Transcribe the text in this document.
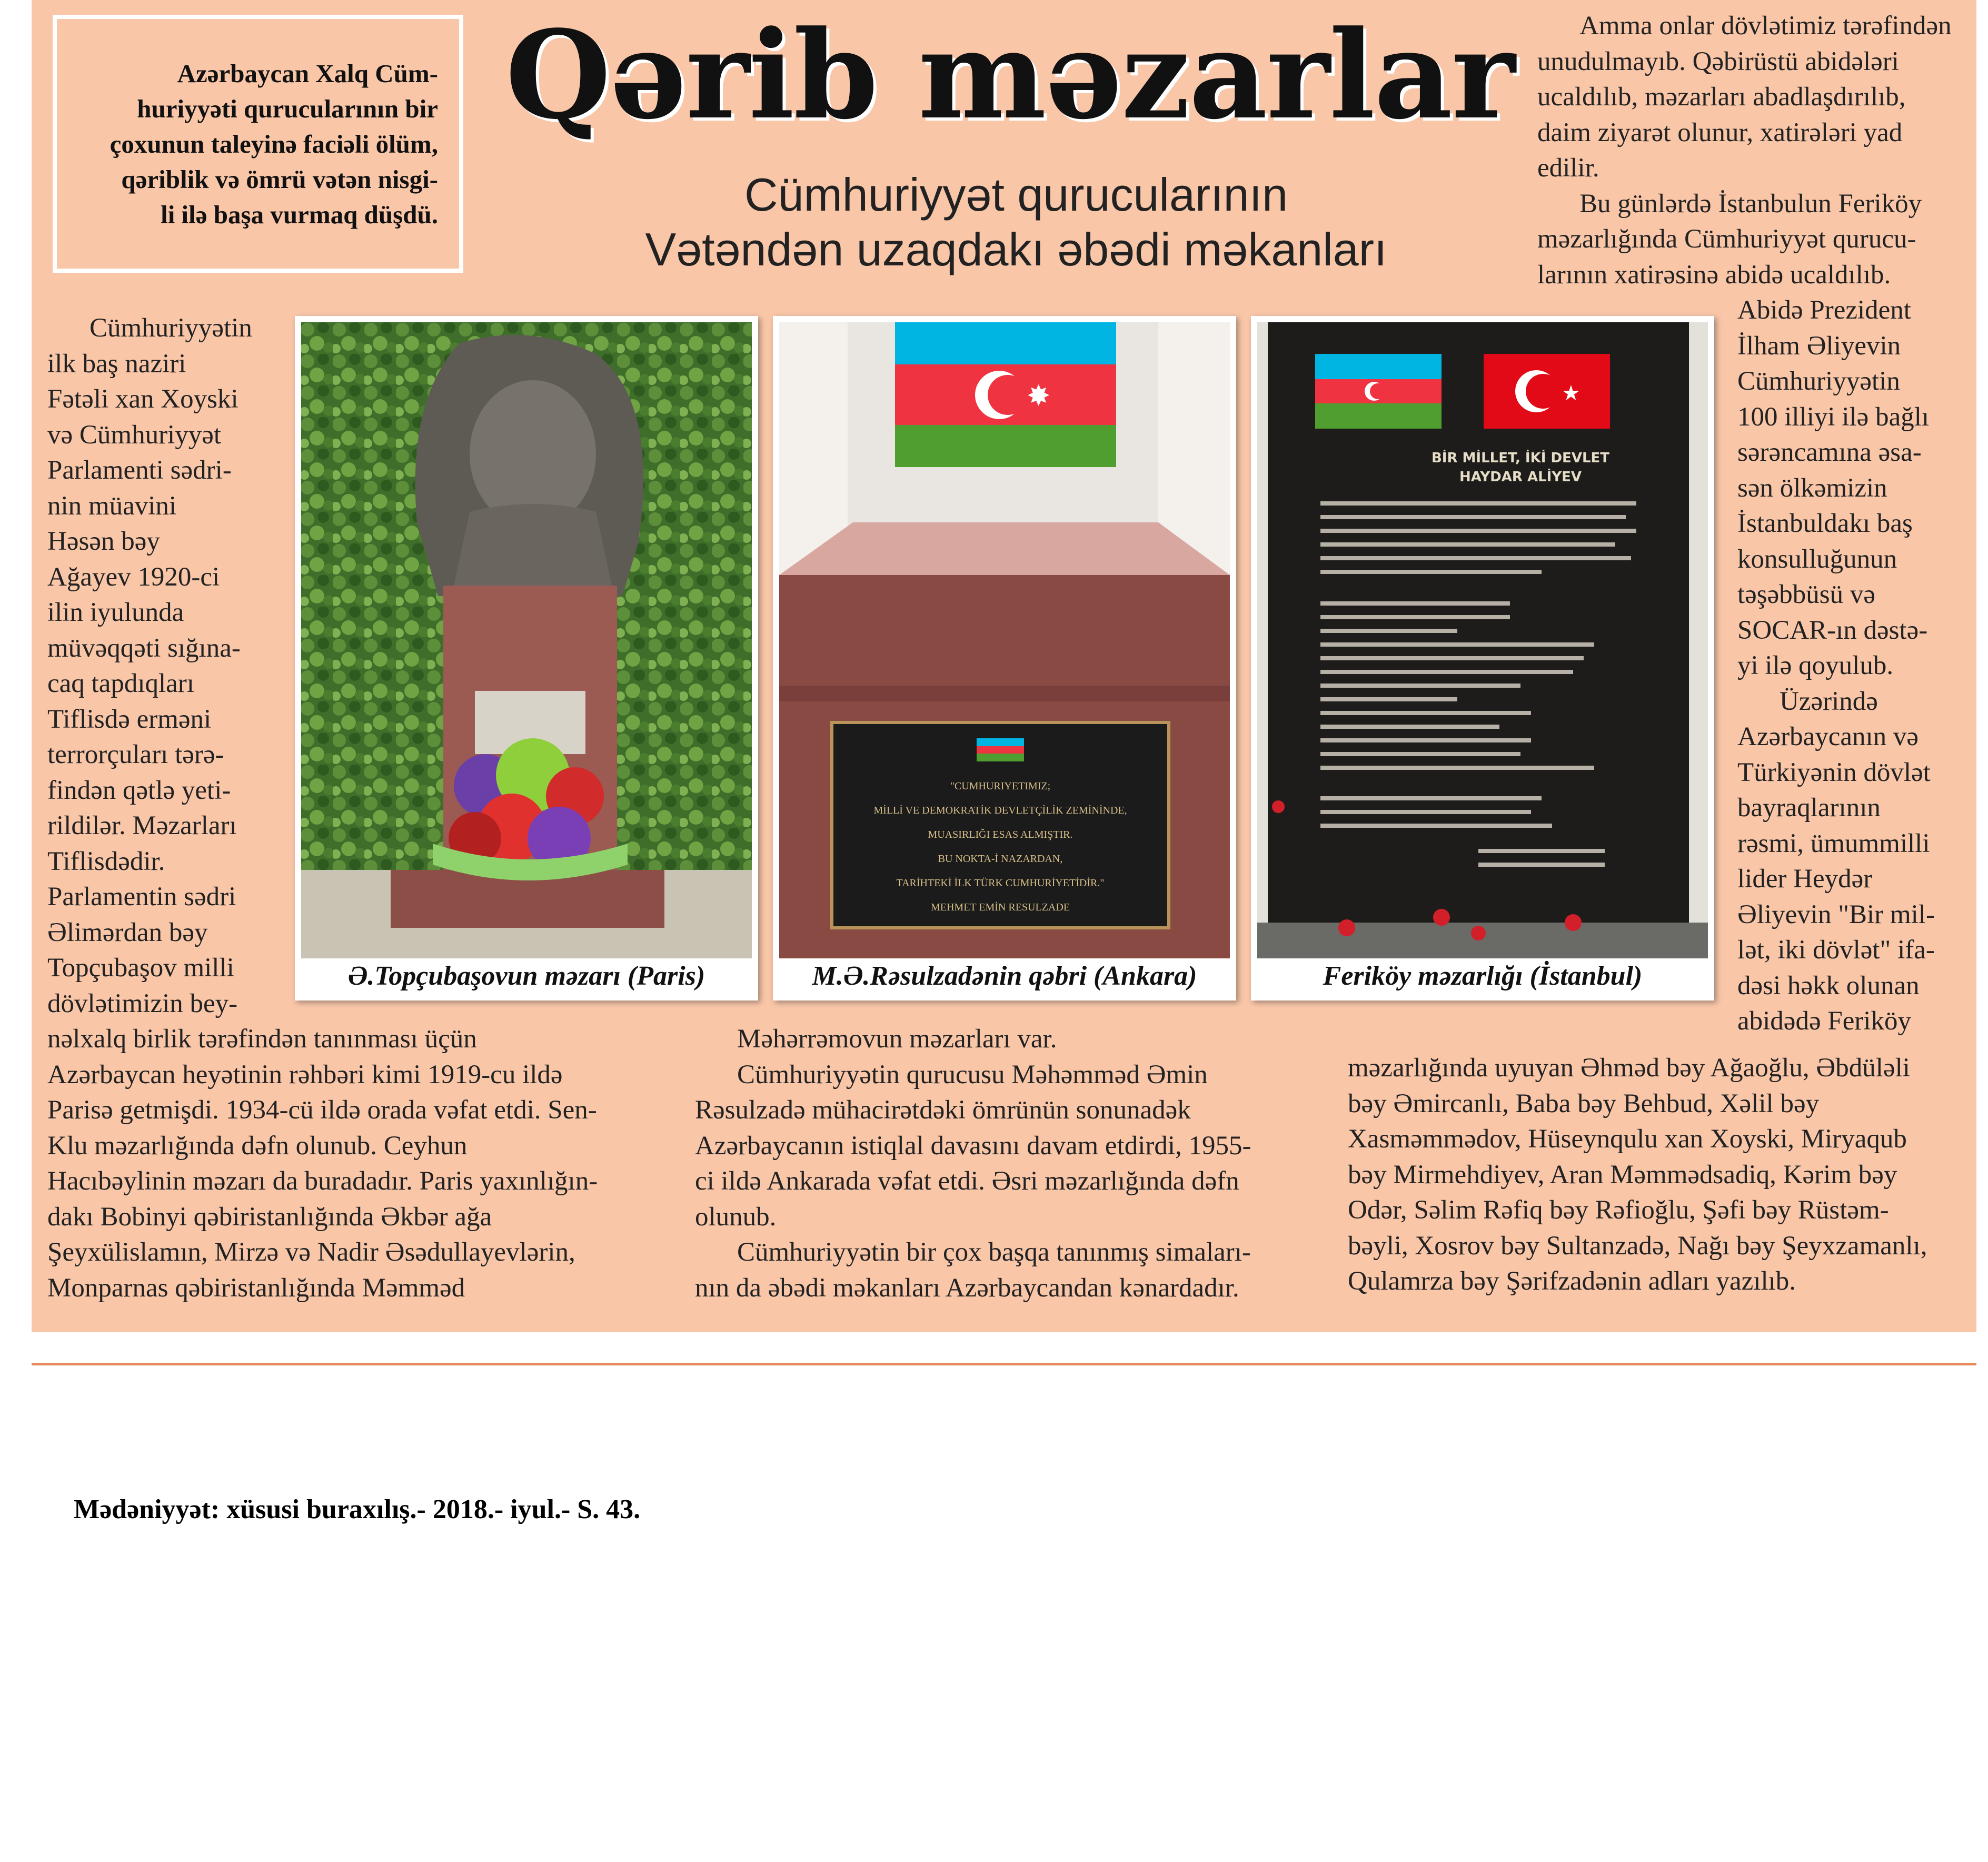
Azərbaycan Xalq Cüm-

huriyyəti qurucularının bir

çoxunun taleyinə faciəli ölüm,

qəriblik və ömrü vətən nisgi-

li ilə başa vurmaq düşdü.

Qərib məzarlar
Cümhuriyyət qurucularının
Vətəndən uzaqdakı əbədi məkanları

Amma onlar dövlətimiz tərəfindən

unudulmayıb. Qəbirüstü abidələri

ucaldılıb, məzarları abadlaşdırılıb,

daim ziyarət olunur, xatirələri yad

edilir.

Bu günlərdə İstanbulun Feriköy

məzarlığında Cümhuriyyət qurucu-

larının xatirəsinə abidə ucaldılıb.

Cümhuriyyətin

ilk baş naziri

Fətəli xan Xoyski

və Cümhuriyyət

Parlamenti sədri-

nin müavini

Həsən bəy

Ağayev 1920-ci

ilin iyulunda

müvəqqəti sığına-

caq tapdıqları

Tiflisdə erməni

terrorçuları tərə-

findən qətlə yeti-

rildilər. Məzarları

Tiflisdədir.

Parlamentin sədri

Əlimərdan bəy

Topçubaşov milli

dövlətimizin bey-

nəlxalq birlik tərəfindən tanınması üçün

Azərbaycan heyətinin rəhbəri kimi 1919-cu ildə

Parisə getmişdi. 1934-cü ildə orada vəfat etdi. Sen-

Klu məzarlığında dəfn olunub. Ceyhun

Hacıbəylinin məzarı da buradadır. Paris yaxınlığın-

dakı Bobinyi qəbiristanlığında Əkbər ağa

Şeyxülislamın, Mirzə və Nadir Əsədullayevlərin,

Monparnas qəbiristanlığında Məmməd

Məhərrəmovun məzarları var.

Cümhuriyyətin qurucusu Məhəmməd Əmin

Rəsulzadə mühacirətdəki ömrünün sonunadək

Azərbaycanın istiqlal davasını davam etdirdi, 1955-

ci ildə Ankarada vəfat etdi. Əsri məzarlığında dəfn

olunub.

Cümhuriyyətin bir çox başqa tanınmış simaları-

nın da əbədi məkanları Azərbaycandan kənardadır.

Abidə Prezident

İlham Əliyevin

Cümhuriyyətin

100 illiyi ilə bağlı

sərəncamına əsa-

sən ölkəmizin

İstanbuldakı baş

konsulluğunun

təşəbbüsü və

SOCAR-ın dəstə-

yi ilə qoyulub.

Üzərində

Azərbaycanın və

Türkiyənin dövlət

bayraqlarının

rəsmi, ümummilli

lider Heydər

Əliyevin "Bir mil-

lət, iki dövlət" ifa-

dəsi həkk olunan

abidədə Feriköy

məzarlığında uyuyan Əhməd bəy Ağaoğlu, Əbdüləli

bəy Əmircanlı, Baba bəy Behbud, Xəlil bəy

Xasməmmədov, Hüseynqulu xan Xoyski, Miryaqub

bəy Mirmehdiyev, Aran Məmmədsadiq, Kərim bəy

Odər, Səlim Rəfiq bəy Rəfioğlu, Şəfi bəy Rüstəm-

bəyli, Xosrov bəy Sultanzadə, Nağı bəy Şeyxzamanlı,

Qulamrza bəy Şərifzadənin adları yazılıb.

Ə.Topçubaşovun məzarı (Paris)
✸
"CUMHURIYETIMIZ;
MİLLİ VE DEMOKRATİK DEVLETÇİLİK ZEMİNİNDE,
MUASIRLIĞI ESAS ALMIŞTIR.
BU NOKTA-İ NAZARDAN,
TARİHTEKİ İLK TÜRK CUMHURİYETİDİR."
MEHMET EMİN RESULZADE
M.Ə.Rəsulzadənin qəbri (Ankara)
★
BİR MİLLET, İKİ DEVLET
HAYDAR ALİYEV
Feriköy məzarlığı (İstanbul)
Mədəniyyət: xüsusi buraxılış.- 2018.- iyul.- S. 43.
